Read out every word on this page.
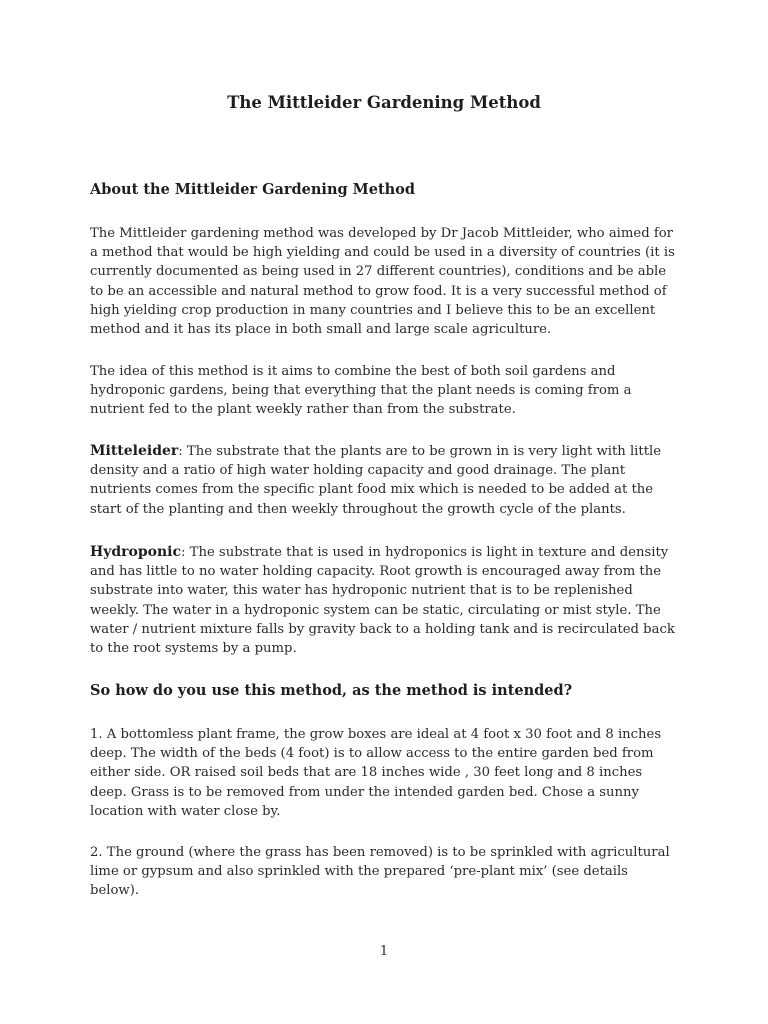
The Mittleider Gardening Method
About the Mittleider Gardening Method

The Mittleider gardening method was developed by Dr Jacob Mittleider, who aimed for a method that would be high yielding and could be used in a diversity of countries (it is currently documented as being used in 27 different countries), conditions and be able to be an accessible and natural method to grow food. It is a very successful method of high yielding crop production in many countries and I believe this to be an excellent method and it has its place in both small and large scale agriculture.

The idea of this method is it aims to combine the best of both soil gardens and hydroponic gardens, being that everything that the plant needs is coming from a nutrient fed to the plant weekly rather than from the substrate.

Mitteleider: The substrate that the plants are to be grown in is very light with little density and a ratio of high water holding capacity and good drainage. The plant nutrients comes from the specific plant food mix which is needed to be added at the start of the planting and then weekly throughout the growth cycle of the plants.

Hydroponic: The substrate that is used in hydroponics is light in texture and density and has little to no water holding capacity. Root growth is encouraged away from the substrate into water, this water has hydroponic nutrient that is to be replenished weekly. The water in a hydroponic system can be static, circulating or mist style. The water / nutrient mixture falls by gravity back to a holding tank and is recirculated back to the root systems by a pump.

So how do you use this method, as the method is intended?

1. A bottomless plant frame, the grow boxes are ideal at 4 foot x 30 foot and 8 inches deep. The width of the beds (4 foot) is to allow access to the entire garden bed from either side. OR raised soil beds that are 18 inches wide , 30 feet long and 8 inches deep. Grass is to be removed from under the intended garden bed. Chose a sunny location with water close by.

2. The ground (where the grass has been removed) is to be sprinkled with agricultural lime or gypsum and also sprinkled with the prepared ‘pre-plant mix’ (see details below).

1
